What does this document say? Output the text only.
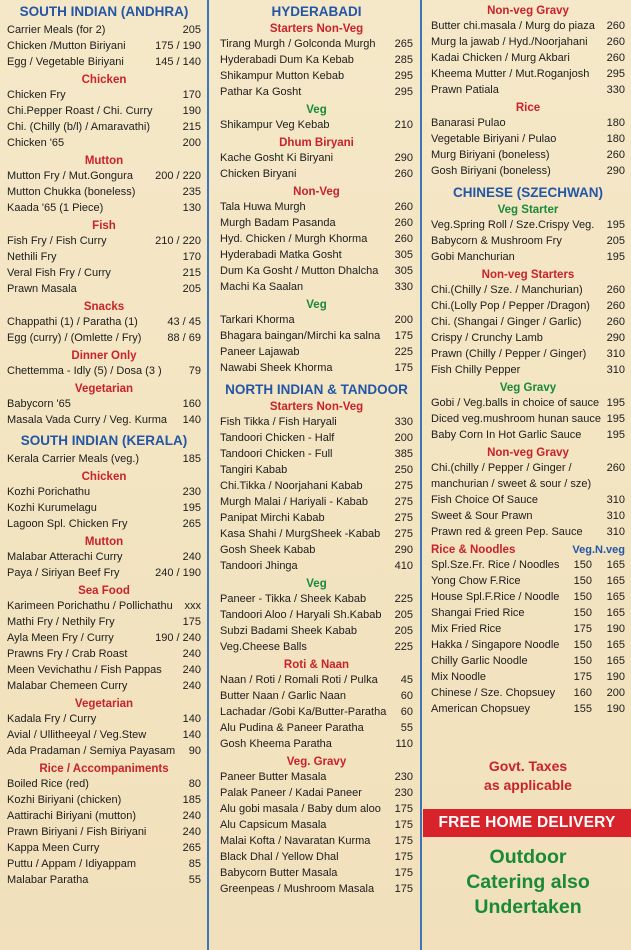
SOUTH INDIAN (ANDHRA)
Carrier Meals (for 2)	205
Chicken /Mutton Biriyani	175 / 190
Egg / Vegetable Biriyani	145 / 140
Chicken
Chicken Fry	170
Chi.Pepper Roast / Chi. Curry	190
Chi. (Chilly (b/l) / Amaravathi)	215
Chicken '65	200
Mutton
Mutton Fry / Mut.Gongura	200 / 220
Mutton Chukka (boneless)	235
Kaada '65 (1 Piece)	130
Fish
Fish Fry / Fish Curry	210 / 220
Nethili Fry	170
Veral Fish Fry / Curry	215
Prawn Masala	205
Snacks
Chappathi (1) / Paratha (1)	43 / 45
Egg (curry) / (Omlette / Fry)	88 / 69
Dinner Only
Chettemma - Idly (5) / Dosa (3 )	79
Vegetarian
Babycorn '65	160
Masala Vada Curry / Veg. Kurma	140
SOUTH INDIAN (KERALA)
Kerala Carrier Meals (veg.)	185
Chicken
Kozhi Porichathu	230
Kozhi Kurumelagu	195
Lagoon Spl. Chicken Fry	265
Mutton
Malabar Atterachi Curry	240
Paya / Siriyan Beef Fry	240 / 190
Sea Food
Karimeen Porichathu / Pollichathu	xxx
Mathi Fry / Nethily Fry	175
Ayla Meen Fry / Curry	190 / 240
Prawns Fry / Crab Roast	240
Meen Vevichathu / Fish Pappas	240
Malabar Chemeen Curry	240
Vegetarian
Kadala Fry / Curry	140
Avial / Ullitheeyal / Veg.Stew	140
Ada Pradaman / Semiya Payasam	90
Rice / Accompaniments
Boiled Rice (red)	80
Kozhi Biriyani (chicken)	185
Aattirachi Biriyani (mutton)	240
Prawn Biriyani / Fish Biriyani	240
Kappa Meen Curry	265
Puttu / Appam / Idiyappam	85
Malabar Paratha	55
HYDERABADI
Starters Non-Veg
Tirang Murgh / Golconda Murgh	265
Hyderabadi Dum Ka Kebab	285
Shikampur Mutton Kebab	295
Pathar Ka Gosht	295
Veg
Shikampur Veg Kebab	210
Dhum Biryani
Kache Gosht Ki Biryani	290
Chicken Biryani	260
Non-Veg
Tala Huwa Murgh	260
Murgh Badam Pasanda	260
Hyd. Chicken / Murgh Khorma	260
Hyderabadi Matka Gosht	305
Dum Ka Gosht / Mutton Dhalcha	305
Machi Ka Saalan	330
Veg
Tarkari Khorma	200
Bhagara baingan/Mirchi ka salna	175
Paneer Lajawab	225
Nawabi Sheek Khorma	175
NORTH INDIAN & TANDOOR
Starters Non-Veg
Fish Tikka / Fish Haryali	330
Tandoori Chicken - Half	200
Tandoori Chicken - Full	385
Tangiri Kabab	250
Chi.Tikka / Noorjahani Kabab	275
Murgh Malai / Hariyali - Kabab	275
Panipat Mirchi Kabab	275
Kasa Shahi / MurgSheek -Kabab	275
Gosh Sheek Kabab	290
Tandoori Jhinga	410
Veg
Paneer - Tikka / Sheek Kabab	225
Tandoori Aloo / Haryali Sh.Kabab	205
Subzi Badami Sheek Kabab	205
Veg.Cheese Balls	225
Roti & Naan
Naan / Roti / Romali Roti / Pulka	45
Butter Naan / Garlic Naan	60
Lachadar /Gobi Ka/Butter-Paratha	60
Alu Pudina & Paneer Paratha	55
Gosh Kheema Paratha	110
Veg. Gravy
Paneer Butter Masala	230
Palak Paneer / Kadai Paneer	230
Alu gobi masala / Baby dum aloo	175
Alu Capsicum Masala	175
Malai Kofta / Navaratan Kurma	175
Black Dhal / Yellow Dhal	175
Babycorn Butter Masala	175
Greenpeas / Mushroom Masala	175
Non-veg Gravy
Butter chi.masala / Murg do piaza	260
Murg la jawab / Hyd./Noorjahani	260
Kadai Chicken / Murg Akbari	260
Kheema Mutter / Mut.Roganjosh	295
Prawn Patiala	330
Rice
Banarasi Pulao	180
Vegetable Biriyani / Pulao	180
Murg Biriyani (boneless)	260
Gosh Biriyani (boneless)	290
CHINESE (SZECHWAN)
Veg Starter
Veg.Spring Roll / Sze.Crispy Veg.	195
Babycorn & Mushroom Fry	205
Gobi Manchurian	195
Non-veg Starters
Chi.(Chilly / Sze. / Manchurian)	260
Chi.(Lolly Pop / Pepper /Dragon)	260
Chi. (Shangai / Ginger / Garlic)	260
Crispy / Crunchy Lamb	290
Prawn (Chilly / Pepper / Ginger)	310
Fish Chilly Pepper	310
Veg Gravy
Gobi / Veg.balls in choice of sauce 195
Diced veg.mushroom hunan sauce 195
Baby Corn In Hot Garlic Sauce	195
Non-veg Gravy
Chi.(chilly / Pepper / Ginger /	260
manchurian / sweet & sour / sze)
Fish Choice Of Sauce	310
Sweet & Sour Prawn	310
Prawn red & green Pep. Sauce	310
Rice & Noodles	Veg.N.veg
Spl.Sze.Fr. Rice / Noodles	150	165
Yong Chow F.Rice	150	165
House Spl.F.Rice / Noodle	150	165
Shangai Fried Rice	150	165
Mix Fried Rice	175	190
Hakka / Singapore Noodle	150	165
Chilly Garlic Noodle	150	165
Mix Noodle	175	190
Chinese / Sze. Chopsuey	160	200
American Chopsuey	155	190
Govt. Taxes
as applicable
FREE HOME DELIVERY
Outdoor
Catering also
Undertaken
